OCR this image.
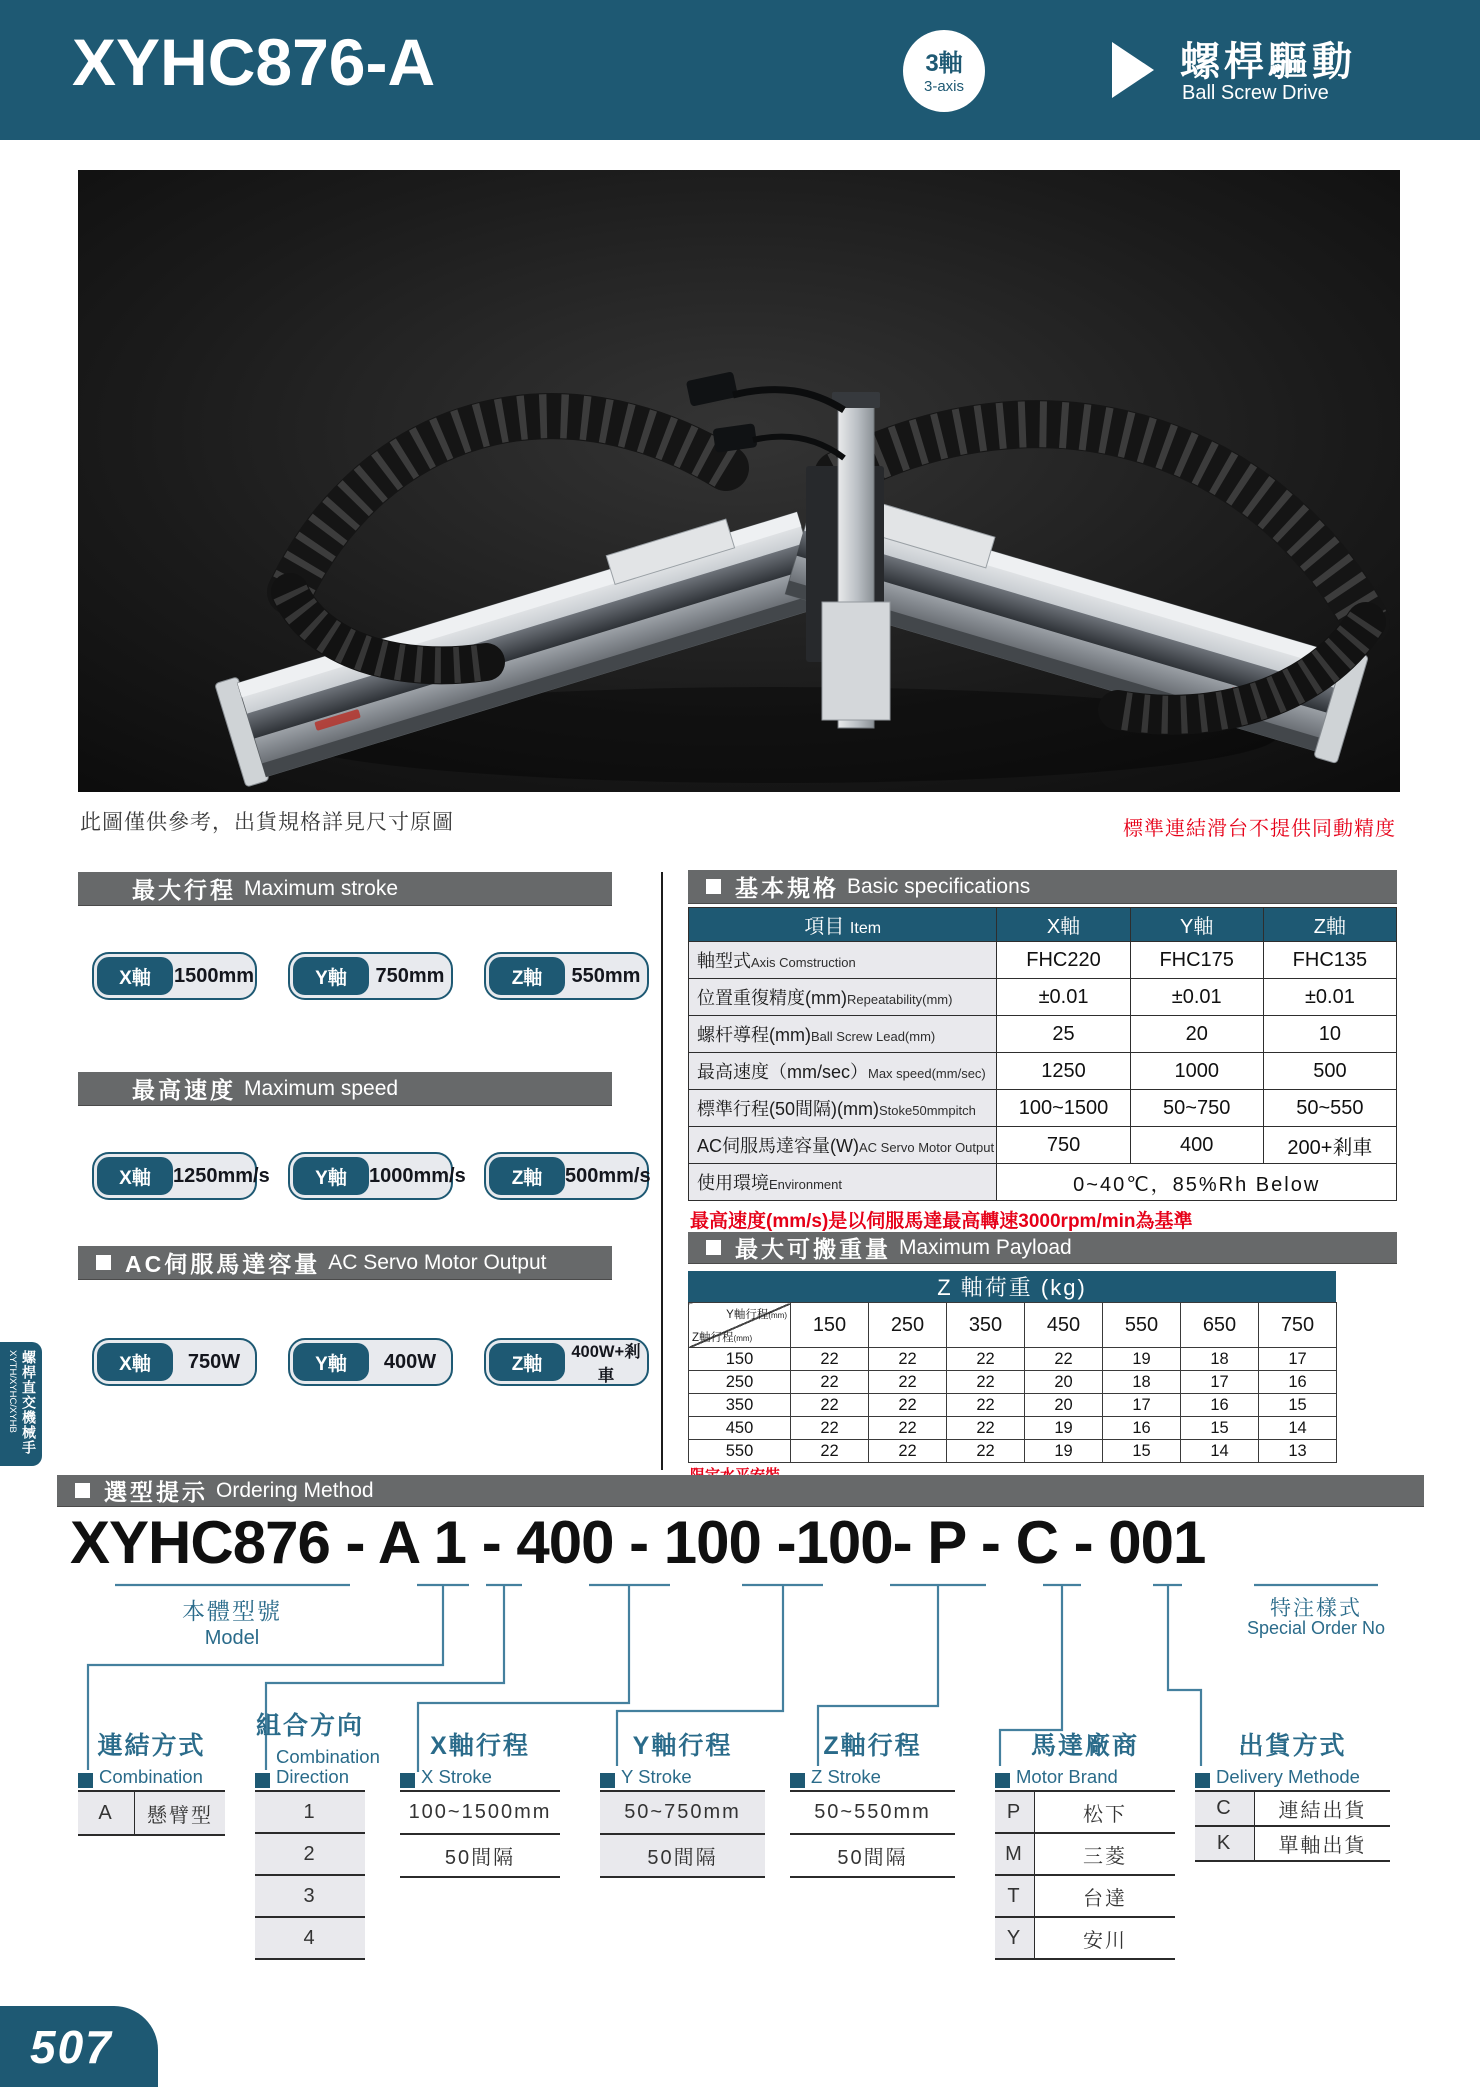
XYHC876-A	3軸
3-axis
螺桿驅動
Ball Screw Drive
此圖僅供參考，出貨規格詳見尺寸原圖	標準連結滑台不提供同動精度
最大行程 Maximum stroke
X軸	1500mm	Y軸	750mm	Z軸	550mm
最高速度 Maximum speed
X軸	1250mm/s	Y軸	1000mm/s	Z軸	500mm/s
AC伺服馬達容量 AC Servo Motor Output
X軸	750W	Y軸	400W	Z軸
400W+剎車
基本規格 Basic specifications
項目 Item	X軸	Y軸	Z軸
軸型式Axis Comstruction	FHC220	FHC175	FHC135
位置重復精度(mm)Repeatability(mm)	±0.01	±0.01	±0.01
螺杆導程(mm)Ball Screw Lead(mm)	25	20	10
最高速度（mm/sec）Max speed(mm/sec)	1250	1000	500
標準行程(50間隔)(mm)Stoke50mmpitch	100~1500	50~750	50~550
AC伺服馬達容量(W)AC Servo Motor Output	750	400	200+剎車
使用環境Environment	0~40℃，85%Rh Below		
最高速度(mm/s)是以伺服馬達最高轉速3000rpm/min為基準
最大可搬重量 Maximum Payload
Z 軸荷重 (kg)
Y軸行程(mm)
Z軸行程(mm)	150	250	350	450	550	650	750
150	22	22	22	22	19	18	17
250	22	22	22	20	18	17	16
350	22	22	22	20	17	16	15
450	22	22	22	19	16	15	14
550	22	22	22	19	15	14	13
選型提示 Ordering Method
XYHC876 - A 1 - 400 - 100 -100- P - C - 001
本體型號
Model
特注樣式
Special Order No
連結方式
Combination
A	懸臂型
組合方向
Combination Direction
1
2
3
4
X軸行程
X Stroke
100~1500mm
50間隔
Y軸行程
Y Stroke
50~750mm
50間隔
Z軸行程
Z Stroke
50~550mm
50間隔
馬達廠商
Motor Brand
P	松下
M	三菱
T	台達
Y	安川
出貨方式
Delivery Methode
C	連結出貨
K	單軸出貨
XYTH/XYHC/XYHB 螺桿直交機械手
507
